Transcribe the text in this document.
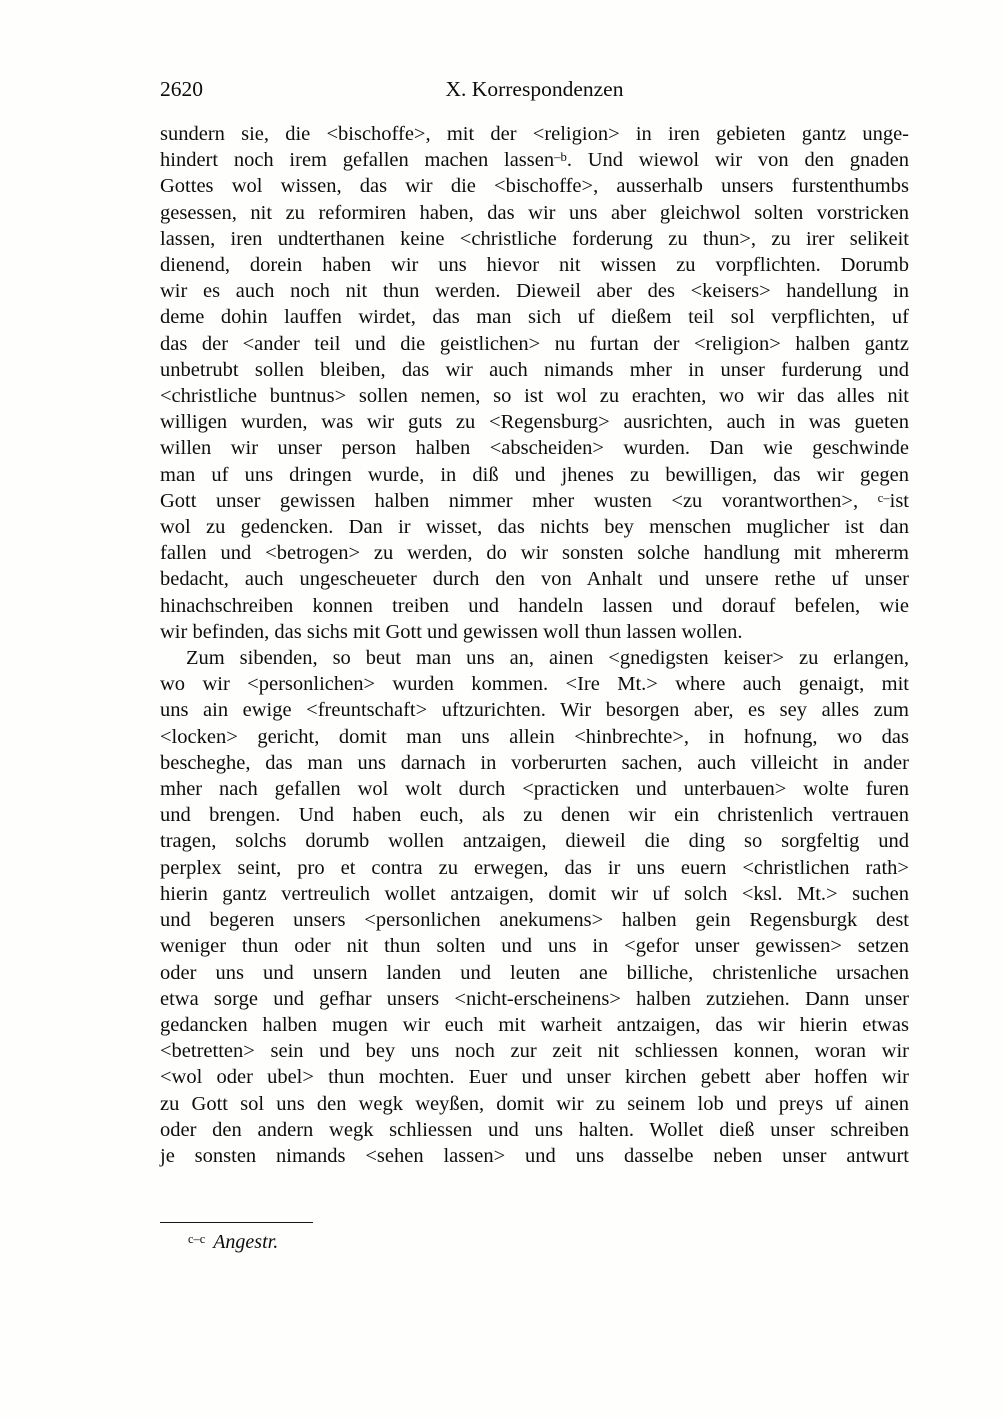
2620	X. Korrespondenzen
sundern sie, die <bischoffe>, mit der <religion> in iren gebieten gantz unge-
hindert noch irem gefallen machen lassen$^{-b}$. Und wiewol wir von den gnaden
Gottes wol wissen, das wir die <bischoffe>, ausserhalb unsers furstenthumbs
gesessen, nit zu reformiren haben, das wir uns aber gleichwol solten vorstricken
lassen, iren undterthanen keine <christliche forderung zu thun>, zu irer selikeit
dienend, dorein haben wir uns hievor nit wissen zu vorpflichten. Dorumb
wir es auch noch nit thun werden. Dieweil aber des <keisers> handellung in
deme dohin lauffen wirdet, das man sich uf dießem teil sol verpflichten, uf
das der <ander teil und die geistlichen> nu furtan der <religion> halben gantz
unbetrubt sollen bleiben, das wir auch nimands mher in unser furderung und
<christliche buntnus> sollen nemen, so ist wol zu erachten, wo wir das alles nit
willigen wurden, was wir guts zu <Regensburg> ausrichten, auch in was gueten
willen wir unser person halben <abscheiden> wurden. Dan wie geschwinde
man uf uns dringen wurde, in diß und jhenes zu bewilligen, das wir gegen
Gott unser gewissen halben nimmer mher wusten <zu vorantworthen>, $^{c-}$ist
wol zu gedencken. Dan ir wisset, das nichts bey menschen muglicher ist dan
fallen und <betrogen> zu werden, do wir sonsten solche handlung mit mhererm
bedacht, auch ungescheueter durch den von Anhalt und unsere rethe uf unser
hinachschreiben konnen treiben und handeln lassen und dorauf befelen, wie
wir befinden, das sichs mit Gott und gewissen woll thun lassen wollen.
Zum sibenden, so beut man uns an, ainen <gnedigsten keiser> zu erlangen,
wo wir <personlichen> wurden kommen. <Ire Mt.> where auch genaigt, mit
uns ain ewige <freuntschaft> uftzurichten. Wir besorgen aber, es sey alles zum
<locken> gericht, domit man uns allein <hinbrechte>, in hofnung, wo das
bescheghe, das man uns darnach in vorberurten sachen, auch villeicht in ander
mher nach gefallen wol wolt durch <practicken und unterbauen> wolte furen
und brengen. Und haben euch, als zu denen wir ein christenlich vertrauen
tragen, solchs dorumb wollen antzaigen, dieweil die ding so sorgfeltig und
perplex seint, pro et contra zu erwegen, das ir uns euern <christlichen rath>
hierin gantz vertreulich wollet antzaigen, domit wir uf solch <ksl. Mt.> suchen
und begeren unsers <personlichen anekumens> halben gein Regensburgk dest
weniger thun oder nit thun solten und uns in <gefor unser gewissen> setzen
oder uns und unsern landen und leuten ane billiche, christenliche ursachen
etwa sorge und gefhar unsers <nicht-erscheinens> halben zutziehen. Dann unser
gedancken halben mugen wir euch mit warheit antzaigen, das wir hierin etwas
<betretten> sein und bey uns noch zur zeit nit schliessen konnen, woran wir
<wol oder ubel> thun mochten. Euer und unser kirchen gebett aber hoffen wir
zu Gott sol uns den wegk weyßen, domit wir zu seinem lob und preys uf ainen
oder den andern wegk schliessen und uns halten. Wollet dieß unser schreiben
je sonsten nimands <sehen lassen> und uns dasselbe neben unser antwurt
$^{c-c}$ Angestr.
